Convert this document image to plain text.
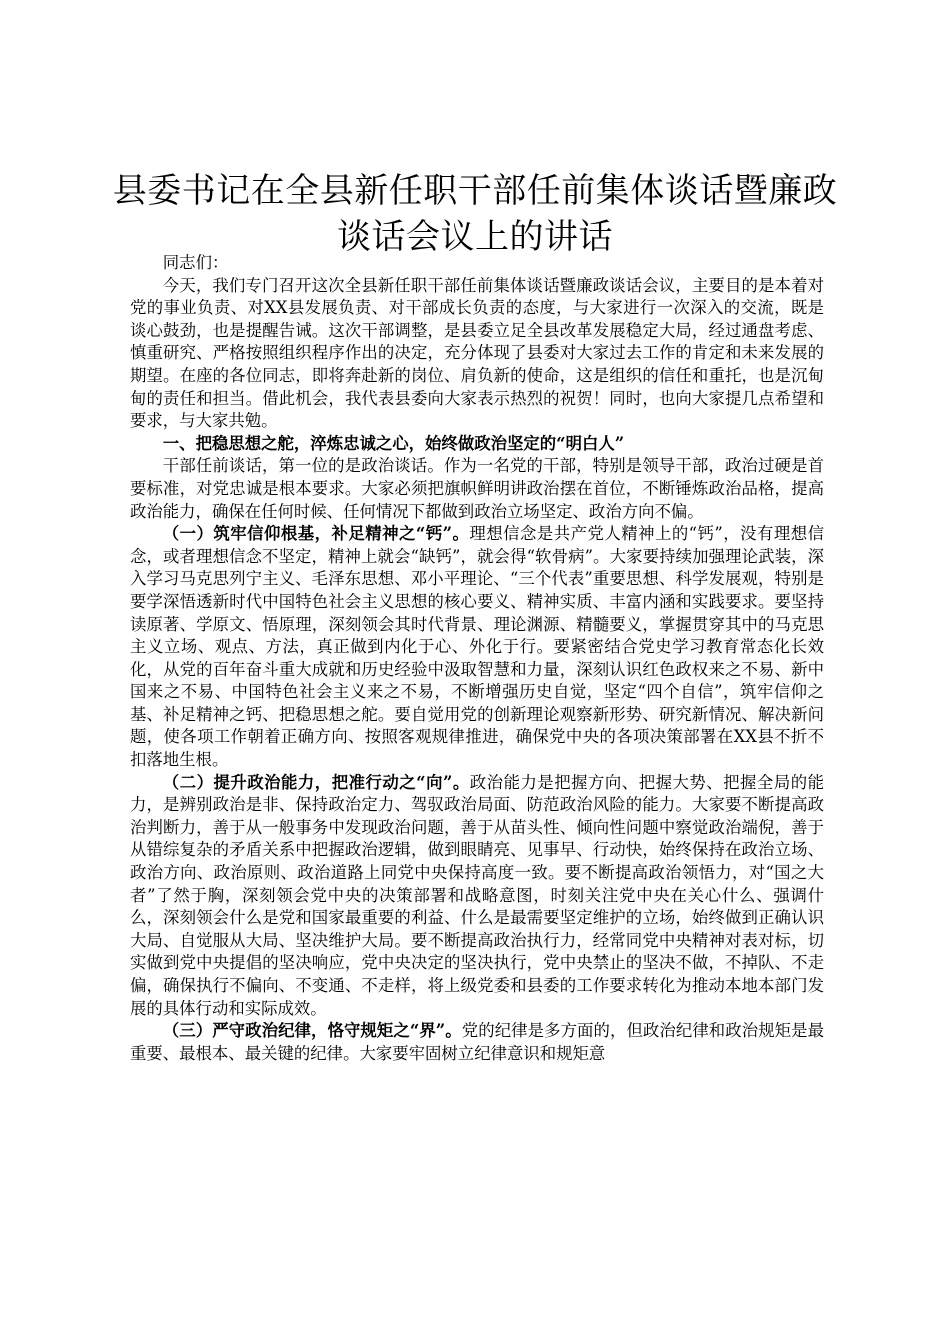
县委书记在全县新任职干部任前集体谈话暨廉政谈话会议上的讲话

同志们：

今天，我们专门召开这次全县新任职干部任前集体谈话暨廉政谈话会议，主要目的是本着对党的事业负责、对XX县发展负责、对干部成长负责的态度，与大家进行一次深入的交流，既是谈心鼓劲，也是提醒告诫。这次干部调整，是县委立足全县改革发展稳定大局，经过通盘考虑、慎重研究、严格按照组织程序作出的决定，充分体现了县委对大家过去工作的肯定和未来发展的期望。在座的各位同志，即将奔赴新的岗位、肩负新的使命，这是组织的信任和重托，也是沉甸甸的责任和担当。借此机会，我代表县委向大家表示热烈的祝贺！同时，也向大家提几点希望和要求，与大家共勉。

一、把稳思想之舵，淬炼忠诚之心，始终做政治坚定的“明白人”

干部任前谈话，第一位的是政治谈话。作为一名党的干部，特别是领导干部，政治过硬是首要标准，对党忠诚是根本要求。大家必须把旗帜鲜明讲政治摆在首位，不断锤炼政治品格，提高政治能力，确保在任何时候、任何情况下都做到政治立场坚定、政治方向不偏。

（一）筑牢信仰根基，补足精神之“钙”。理想信念是共产党人精神上的“钙”，没有理想信念，或者理想信念不坚定，精神上就会“缺钙”，就会得“软骨病”。大家要持续加强理论武装，深入学习马克思列宁主义、毛泽东思想、邓小平理论、“三个代表”重要思想、科学发展观，特别是要学深悟透新时代中国特色社会主义思想的核心要义、精神实质、丰富内涵和实践要求。要坚持读原著、学原文、悟原理，深刻领会其时代背景、理论渊源、精髓要义，掌握贯穿其中的马克思主义立场、观点、方法，真正做到内化于心、外化于行。要紧密结合党史学习教育常态化长效化，从党的百年奋斗重大成就和历史经验中汲取智慧和力量，深刻认识红色政权来之不易、新中国来之不易、中国特色社会主义来之不易，不断增强历史自觉，坚定“四个自信”，筑牢信仰之基、补足精神之钙、把稳思想之舵。要自觉用党的创新理论观察新形势、研究新情况、解决新问题，使各项工作朝着正确方向、按照客观规律推进，确保党中央的各项决策部署在XX县不折不扣落地生根。

（二）提升政治能力，把准行动之“向”。政治能力是把握方向、把握大势、把握全局的能力，是辨别政治是非、保持政治定力、驾驭政治局面、防范政治风险的能力。大家要不断提高政治判断力，善于从一般事务中发现政治问题，善于从苗头性、倾向性问题中察觉政治端倪，善于从错综复杂的矛盾关系中把握政治逻辑，做到眼睛亮、见事早、行动快，始终保持在政治立场、政治方向、政治原则、政治道路上同党中央保持高度一致。要不断提高政治领悟力，对“国之大者”了然于胸，深刻领会党中央的决策部署和战略意图，时刻关注党中央在关心什么、强调什么，深刻领会什么是党和国家最重要的利益、什么是最需要坚定维护的立场，始终做到正确认识大局、自觉服从大局、坚决维护大局。要不断提高政治执行力，经常同党中央精神对表对标，切实做到党中央提倡的坚决响应，党中央决定的坚决执行，党中央禁止的坚决不做，不掉队、不走偏，确保执行不偏向、不变通、不走样，将上级党委和县委的工作要求转化为推动本地本部门发展的具体行动和实际成效。

（三）严守政治纪律，恪守规矩之“界”。党的纪律是多方面的，但政治纪律和政治规矩是最重要、最根本、最关键的纪律。大家要牢固树立纪律意识和规矩意
